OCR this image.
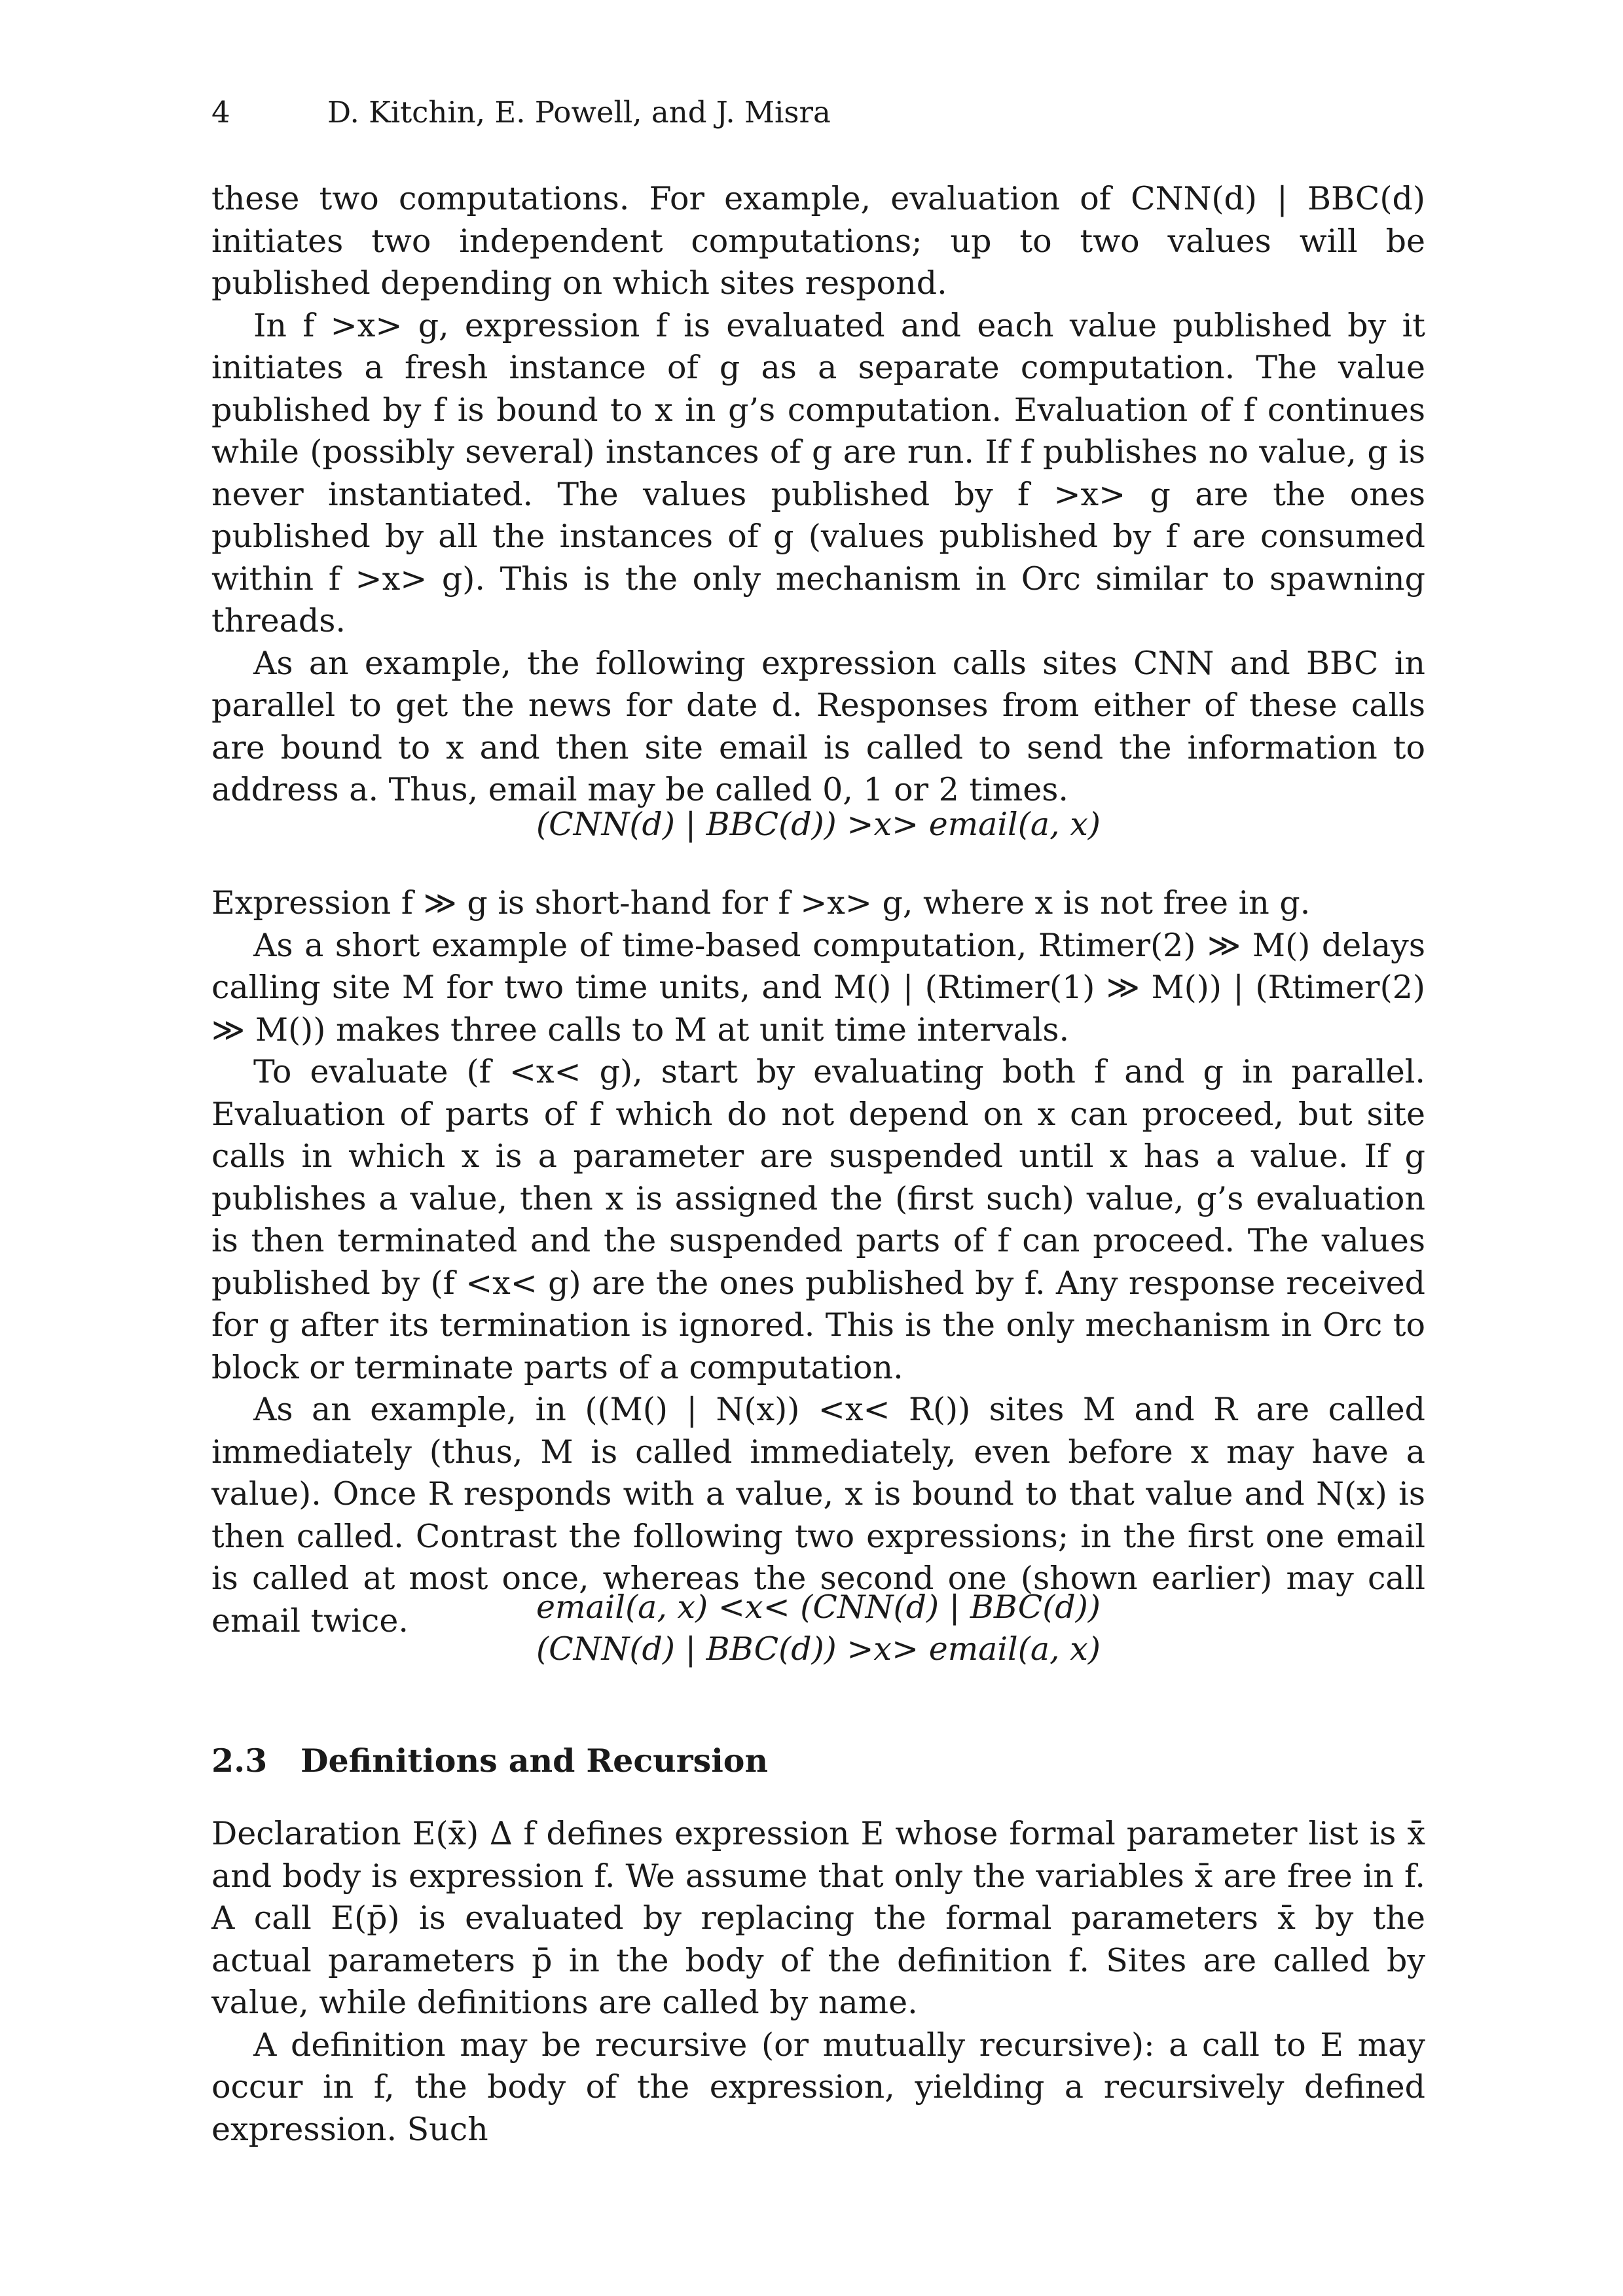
4	D. Kitchin, E. Powell, and J. Misra

these two computations. For example, evaluation of CNN(d) | BBC(d) initiates two independent computations; up to two values will be published depending on which sites respond.

In f >x> g, expression f is evaluated and each value published by it initiates a fresh instance of g as a separate computation. The value published by f is bound to x in g’s computation. Evaluation of f continues while (possibly several) instances of g are run. If f publishes no value, g is never instantiated. The values published by f >x> g are the ones published by all the instances of g (values published by f are consumed within f >x> g). This is the only mechanism in Orc similar to spawning threads.

As an example, the following expression calls sites CNN and BBC in parallel to get the news for date d. Responses from either of these calls are bound to x and then site email is called to send the information to address a. Thus, email may be called 0, 1 or 2 times.

(CNN(d) | BBC(d)) >x> email(a, x)

Expression f ≫ g is short-hand for f >x> g, where x is not free in g.

As a short example of time-based computation, Rtimer(2) ≫ M() delays calling site M for two time units, and M() | (Rtimer(1) ≫ M()) | (Rtimer(2) ≫ M()) makes three calls to M at unit time intervals.

To evaluate (f <x< g), start by evaluating both f and g in parallel. Evaluation of parts of f which do not depend on x can proceed, but site calls in which x is a parameter are suspended until x has a value. If g publishes a value, then x is assigned the (first such) value, g’s evaluation is then terminated and the suspended parts of f can proceed. The values published by (f <x< g) are the ones published by f. Any response received for g after its termination is ignored. This is the only mechanism in Orc to block or terminate parts of a computation.

As an example, in ((M() | N(x)) <x< R()) sites M and R are called immediately (thus, M is called immediately, even before x may have a value). Once R responds with a value, x is bound to that value and N(x) is then called. Contrast the following two expressions; in the first one email is called at most once, whereas the second one (shown earlier) may call email twice.	email(a, x) <x< (CNN(d) | BBC(d))
(CNN(d) | BBC(d)) >x> email(a, x)
2.3 Definitions and Recursion

Declaration E(x̄) ∆ f defines expression E whose formal parameter list is x̄ and body is expression f. We assume that only the variables x̄ are free in f. A call E(p̄) is evaluated by replacing the formal parameters x̄ by the actual parameters p̄ in the body of the definition f. Sites are called by value, while definitions are called by name.

A definition may be recursive (or mutually recursive): a call to E may occur in f, the body of the expression, yielding a recursively defined expression. Such
